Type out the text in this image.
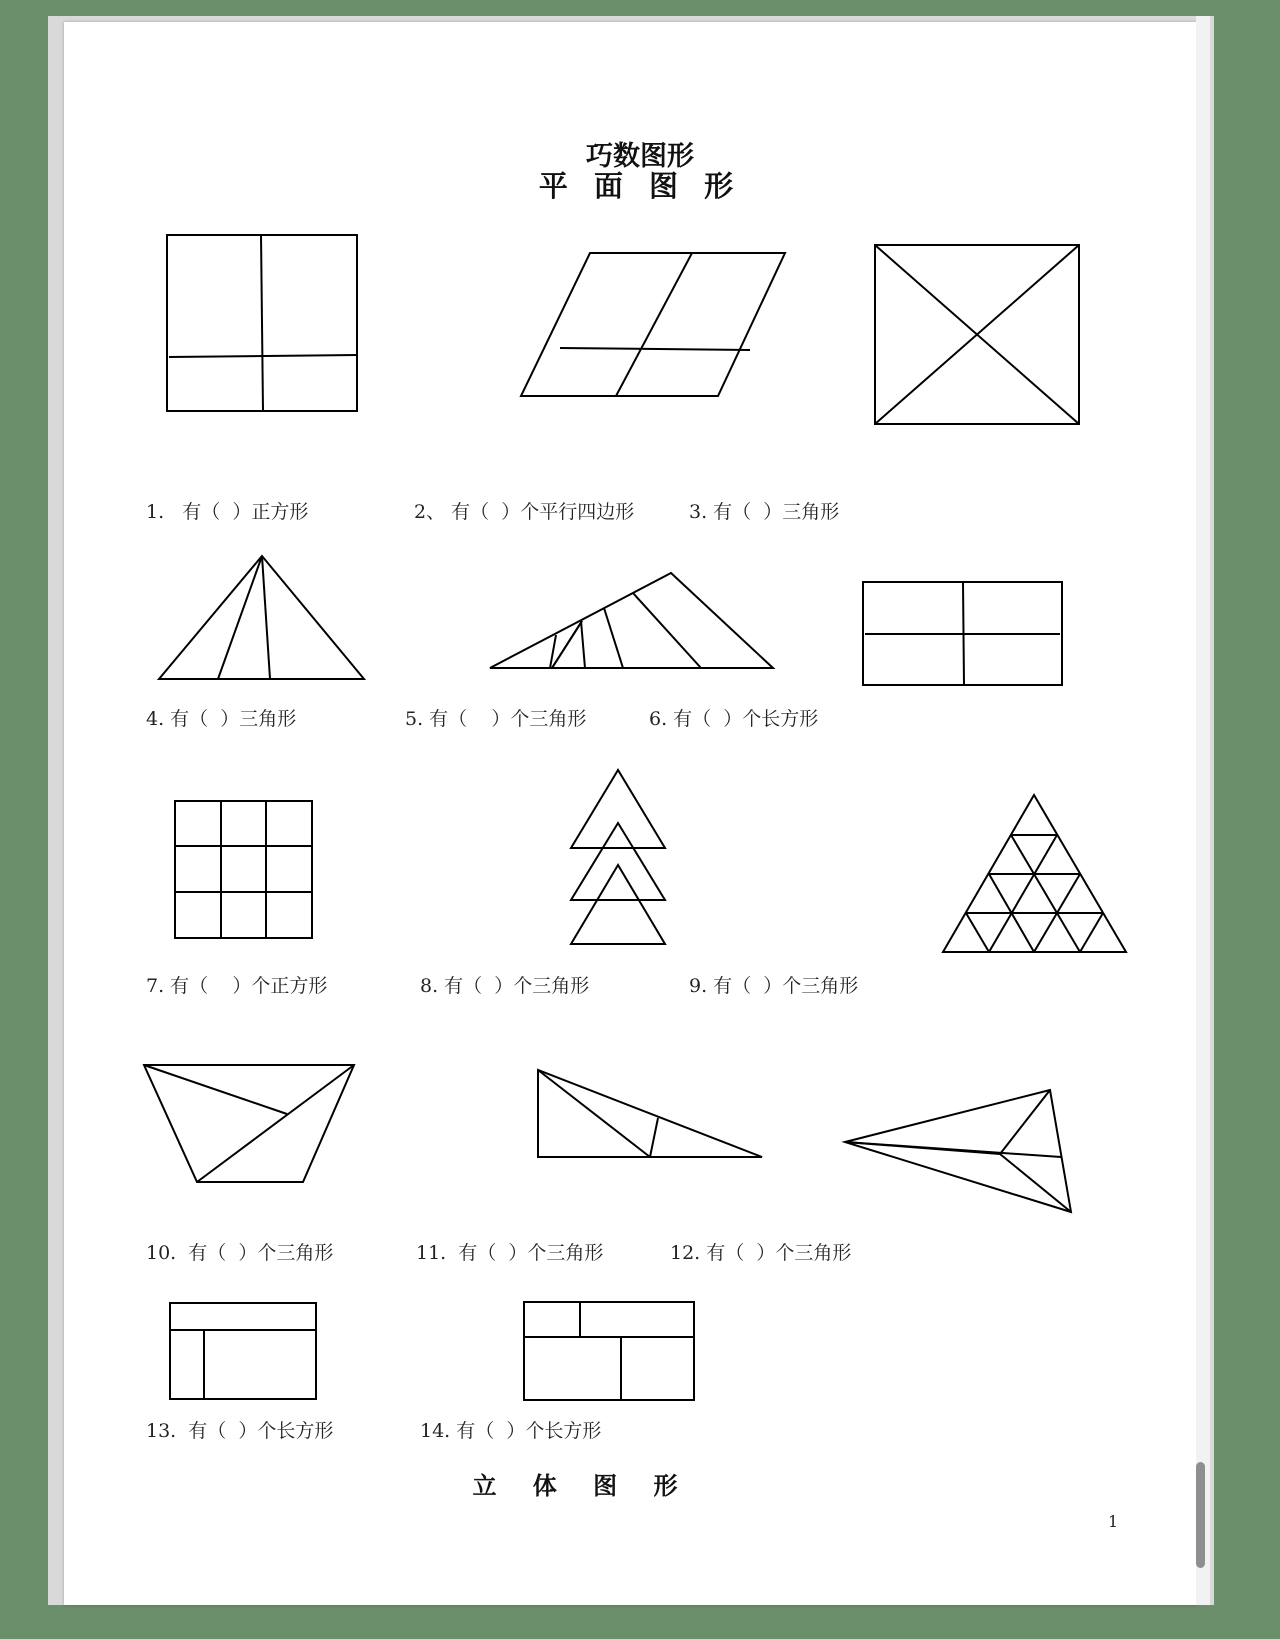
巧数图形
平 面 图 形
立 体 图 形
1.   有（  ）正方形	2、 有（  ）个平行四边形	3. 有（  ）三角形
4. 有（  ）三角形	5. 有（    ）个三角形	6. 有（  ）个长方形
7. 有（    ）个正方形	8. 有（  ）个三角形	9. 有（  ）个三角形
10.  有（  ）个三角形	11.  有（  ）个三角形	12. 有（  ）个三角形
13.  有（  ）个长方形	14. 有（  ）个长方形
1
